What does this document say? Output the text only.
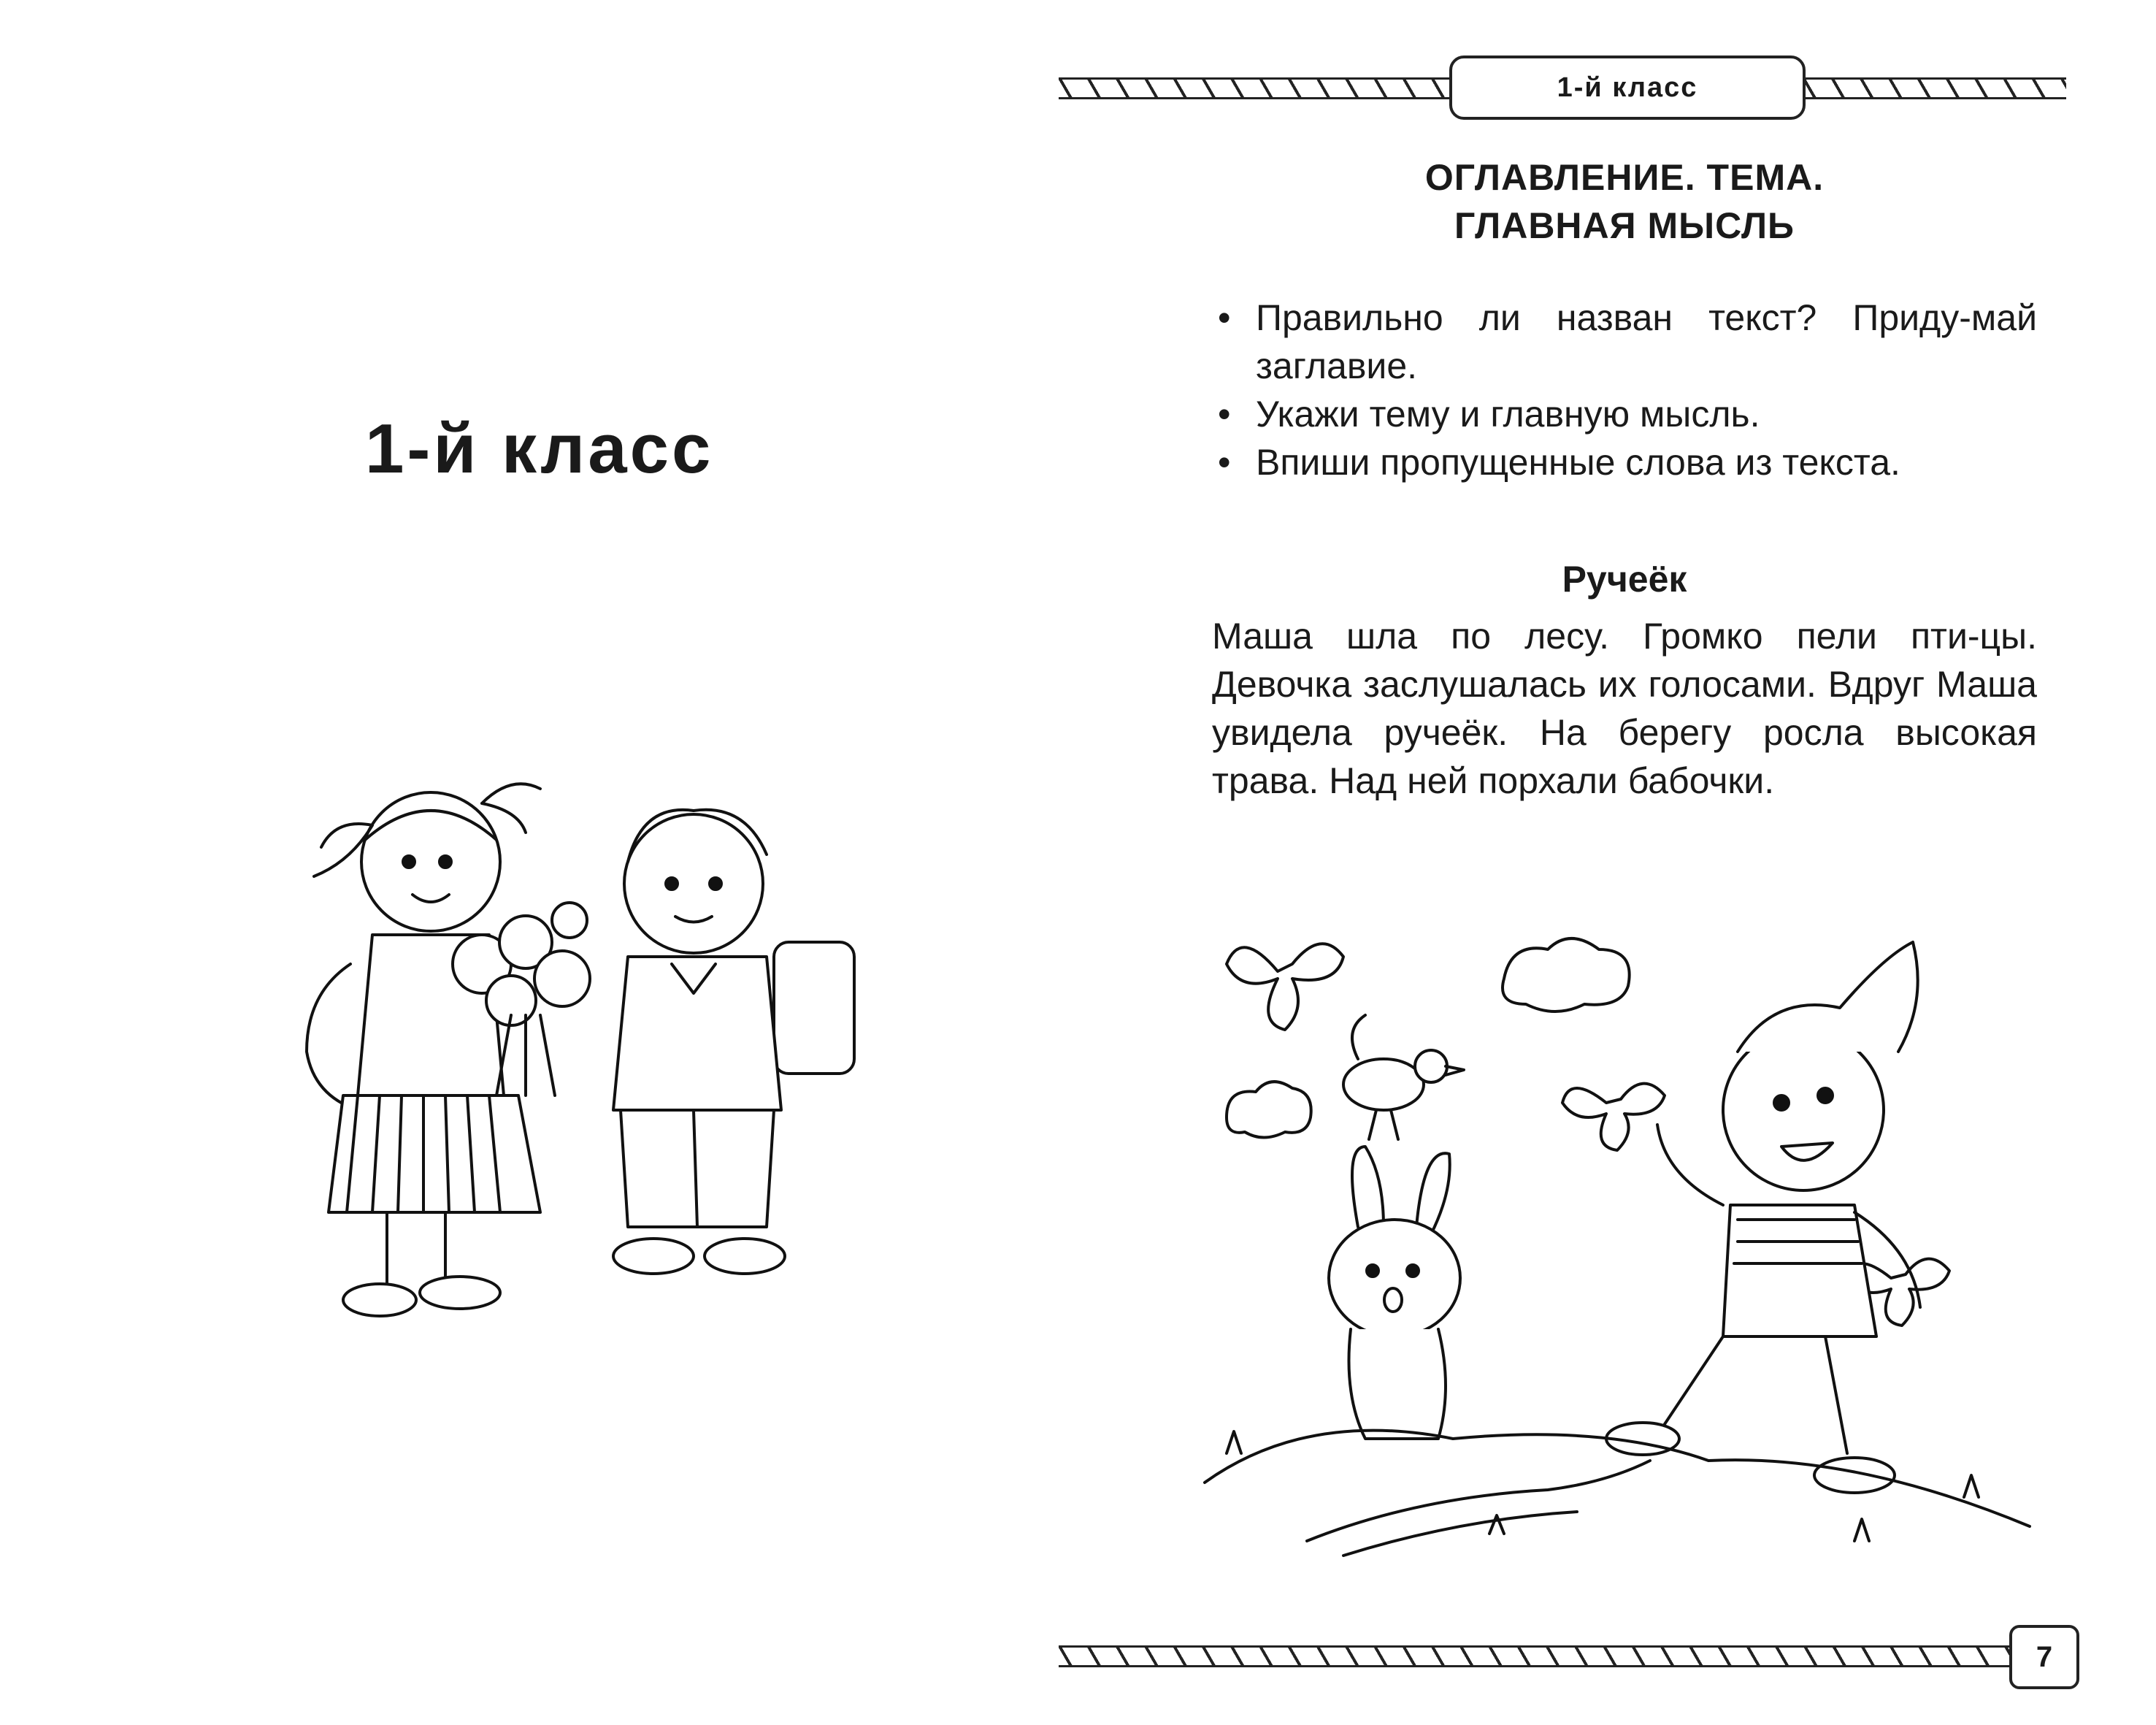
1-й класс
1-й класс
ОГЛАВЛЕНИЕ. ТЕМА.
ГЛАВНАЯ МЫСЛЬ
• Правильно ли назван текст? Приду-май заглавие.
• Укажи тему и главную мысль.
• Впиши пропущенные слова из текста.
Ручеёк

Маша шла по лесу. Громко пели пти-цы. Девочка заслушалась их голосами. Вдруг Маша увидела ручеёк. На берегу росла высокая трава. Над ней порхали бабочки.

7
